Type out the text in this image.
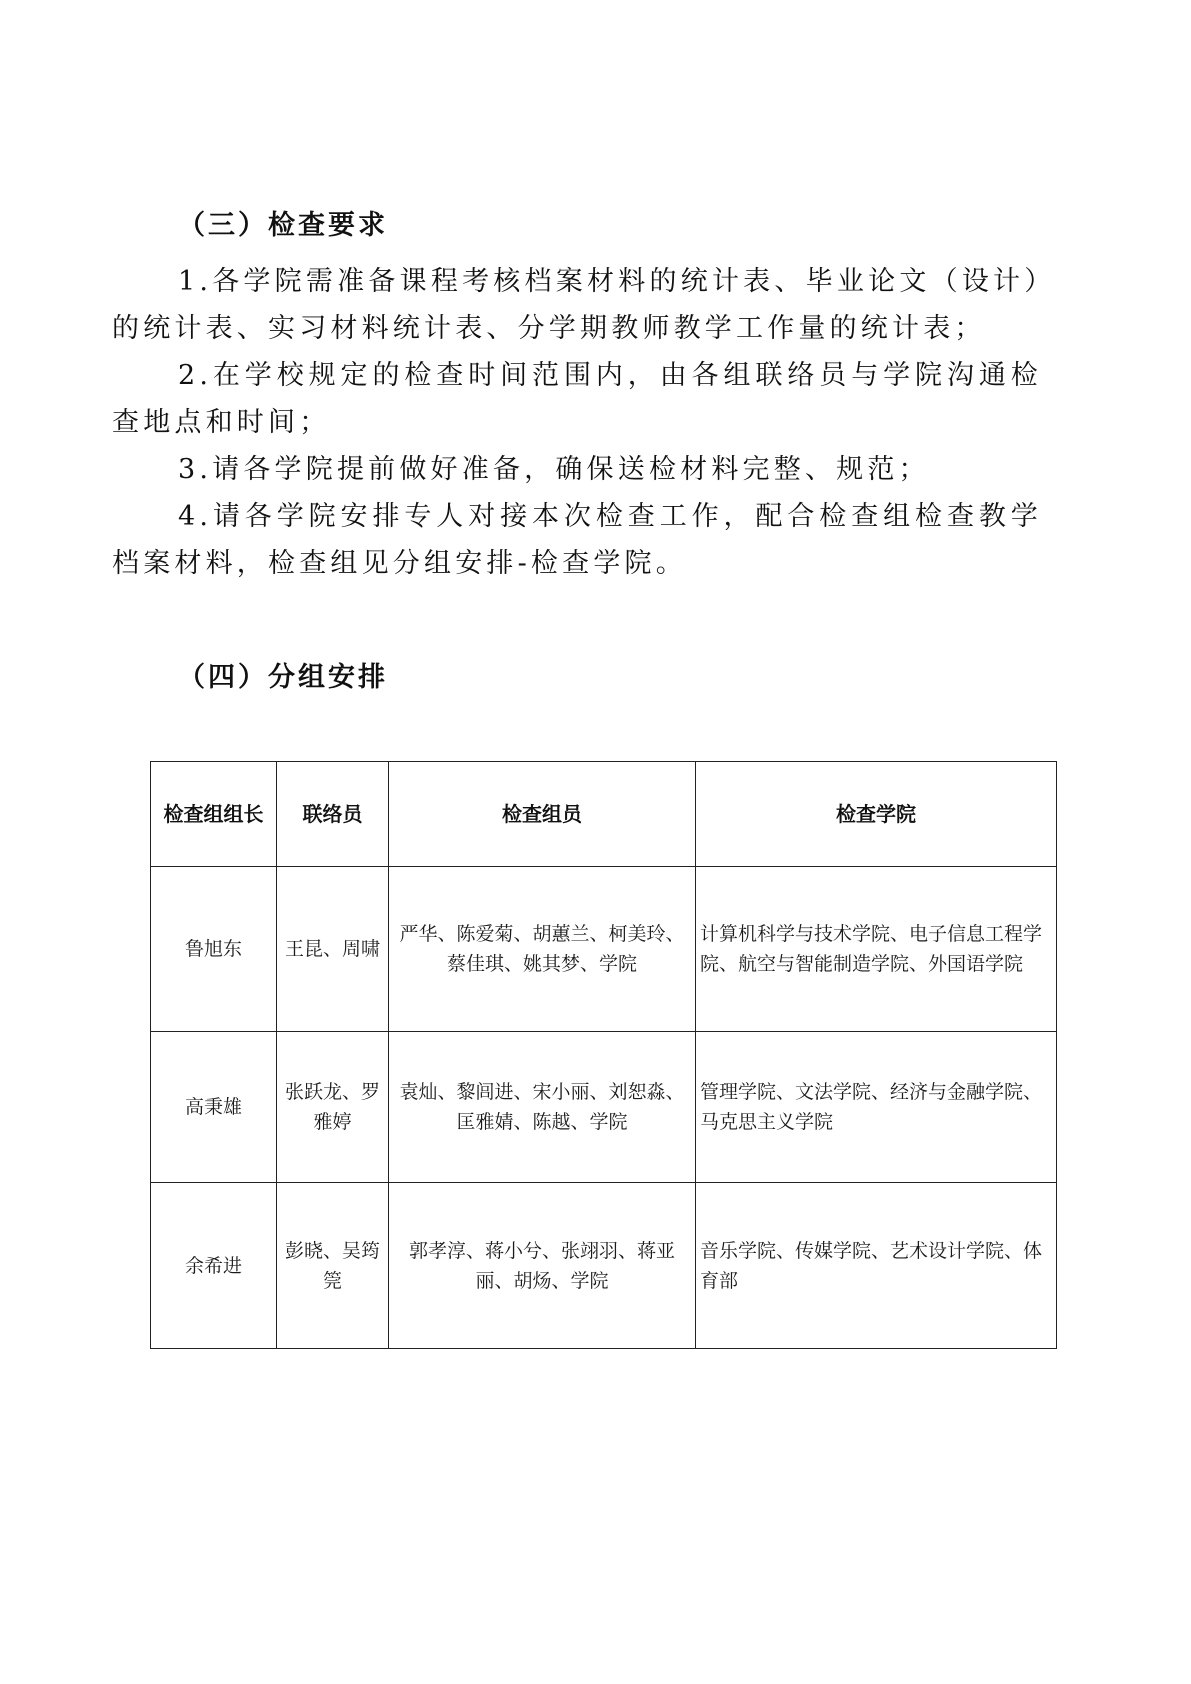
（三）检查要求

1.各学院需准备课程考核档案材料的统计表、毕业论文（设计）的统计表、实习材料统计表、分学期教师教学工作量的统计表；

2.在学校规定的检查时间范围内，由各组联络员与学院沟通检查地点和时间；

3.请各学院提前做好准备，确保送检材料完整、规范；

4.请各学院安排专人对接本次检查工作，配合检查组检查教学档案材料，检查组见分组安排-检查学院。

（四）分组安排
检查组组长	联络员	检查组员	检查学院
鲁旭东	王昆、周啸	严华、陈爱菊、胡蕙兰、柯美玲、蔡佳琪、姚其梦、学院	计算机科学与技术学院、电子信息工程学院、航空与智能制造学院、外国语学院
高秉雄	张跃龙、罗雅婷	袁灿、黎闾进、宋小丽、刘恕淼、匡雅婧、陈越、学院	管理学院、文法学院、经济与金融学院、马克思主义学院
余希进	彭晓、吴筠筦	郭孝淳、蒋小兮、张翊羽、蒋亚丽、胡炀、学院	音乐学院、传媒学院、艺术设计学院、体育部
